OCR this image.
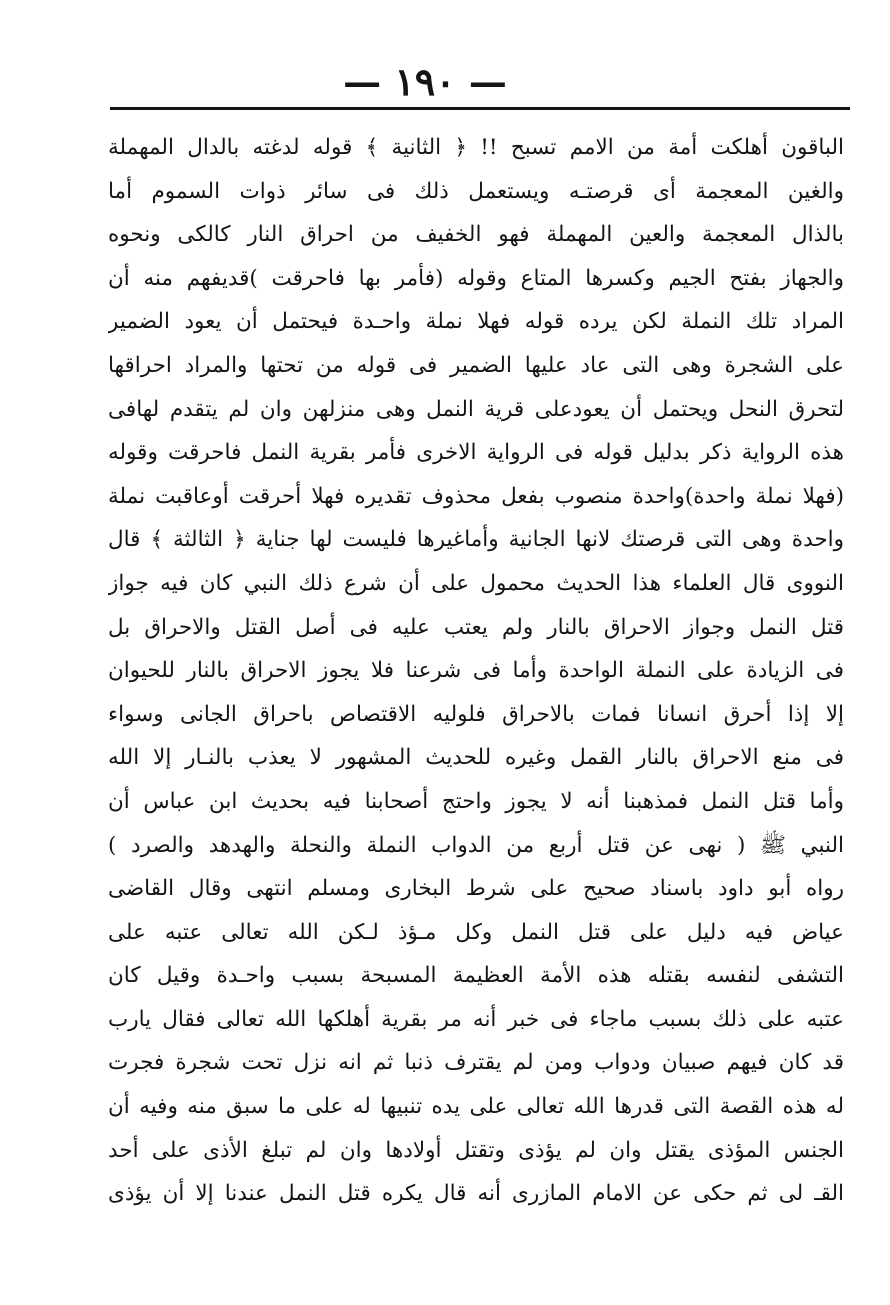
— ١٩٠ —
الباقون أهلكت أمة من الامم تسبح !! ﴿ الثانية ﴾ قوله لدغته بالدال المهملة
والغين المعجمة أى قرصتـه ويستعمل ذلك فى سائر ذوات السموم أما
بالذال المعجمة والعين المهملة فهو الخفيف من احراق النار كالكى ونحوه
والجهاز بفتح الجيم وكسرها المتاع وقوله (فأمر بها فاحرقت )قديفهم منه أن
المراد تلك النملة لكن يرده قوله فهلا نملة واحـدة فيحتمل أن يعود الضمير
على الشجرة وهى التى عاد عليها الضمير فى قوله من تحتها والمراد احراقها
لتحرق النحل ويحتمل أن يعودعلى قرية النمل وهى منزلهن وان لم يتقدم لهافى
هذه الرواية ذكر بدليل قوله فى الرواية الاخرى فأمر بقرية النمل فاحرقت وقوله
(فهلا نملة واحدة)واحدة منصوب بفعل محذوف تقديره فهلا أحرقت أوعاقبت نملة
واحدة وهى التى قرصتك لانها الجانية وأماغيرها فليست لها جناية ﴿ الثالثة ﴾ قال
النووى قال العلماء هذا الحديث محمول على أن شرع ذلك النبي كان فيه جواز
قتل النمل وجواز الاحراق بالنار ولم يعتب عليه فى أصل القتل والاحراق بل
فى الزيادة على النملة الواحدة وأما فى شرعنا فلا يجوز الاحراق بالنار للحيوان
إلا إذا أحرق انسانا فمات بالاحراق فلوليه الاقتصاص باحراق الجانى وسواء
فى منع الاحراق بالنار القمل وغيره للحديث المشهور لا يعذب بالنـار إلا الله
وأما قتل النمل فمذهبنا أنه لا يجوز واحتج أصحابنا فيه بحديث ابن عباس أن
النبي ﷺ ( نهى عن قتل أربع من الدواب النملة والنحلة والهدهد والصرد )
رواه أبو داود باسناد صحيح على شرط البخارى ومسلم انتهى وقال القاضى
عياض فيه دليل على قتل النمل وكل مـؤذ لـكن الله تعالى عتبه على
التشفى لنفسه بقتله هذه الأمة العظيمة المسبحة بسبب واحـدة وقيل كان
عتبه على ذلك بسبب ماجاء فى خبر أنه مر بقرية أهلكها الله تعالى فقال يارب
قد كان فيهم صبيان ودواب ومن لم يقترف ذنبا ثم انه نزل تحت شجرة فجرت
له هذه القصة التى قدرها الله تعالى على يده تنبيها له على ما سبق منه وفيه أن
الجنس المؤذى يقتل وان لم يؤذى وتقتل أولادها وان لم تبلغ الأذى على أحد
القـ لى ثم حكى عن الامام المازرى أنه قال يكره قتل النمل عندنا إلا أن يؤذى
